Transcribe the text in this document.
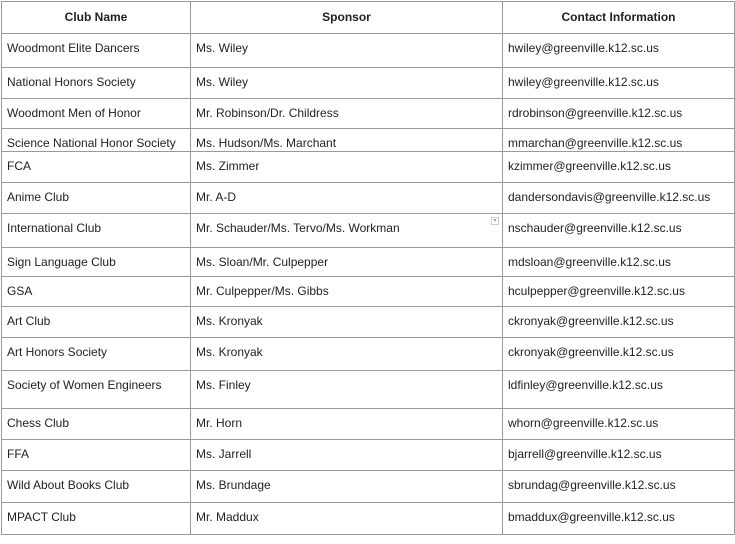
Club Name	Sponsor	Contact Information

Woodmont Elite Dancers	Ms. Wiley	hwiley@greenville.k12.sc.us

National Honors Society	Ms. Wiley	hwiley@greenville.k12.sc.us

Woodmont Men of Honor	Mr. Robinson/Dr. Childress	rdrobinson@greenville.k12.sc.us

Science National Honor Society	Ms. Hudson/Ms. Marchant	mmarchan@greenville.k12.sc.us

FCA	Ms. Zimmer	kzimmer@greenville.k12.sc.us

Anime Club	Mr. A-D	dandersondavis@greenville.k12.sc.us

International Club	Mr. Schauder/Ms. Tervo/Ms. Workman ▾	nschauder@greenville.k12.sc.us

Sign Language Club	Ms. Sloan/Mr. Culpepper	mdsloan@greenville.k12.sc.us

GSA	Mr. Culpepper/Ms. Gibbs	hculpepper@greenville.k12.sc.us

Art Club	Ms. Kronyak	ckronyak@greenville.k12.sc.us

Art Honors Society	Ms. Kronyak	ckronyak@greenville.k12.sc.us

Society of Women Engineers	Ms. Finley	ldfinley@greenville.k12.sc.us

Chess Club	Mr. Horn	whorn@greenville.k12.sc.us

FFA	Ms. Jarrell	bjarrell@greenville.k12.sc.us

Wild About Books Club	Ms. Brundage	sbrundag@greenville.k12.sc.us

MPACT Club	Mr. Maddux	bmaddux@greenville.k12.sc.us
